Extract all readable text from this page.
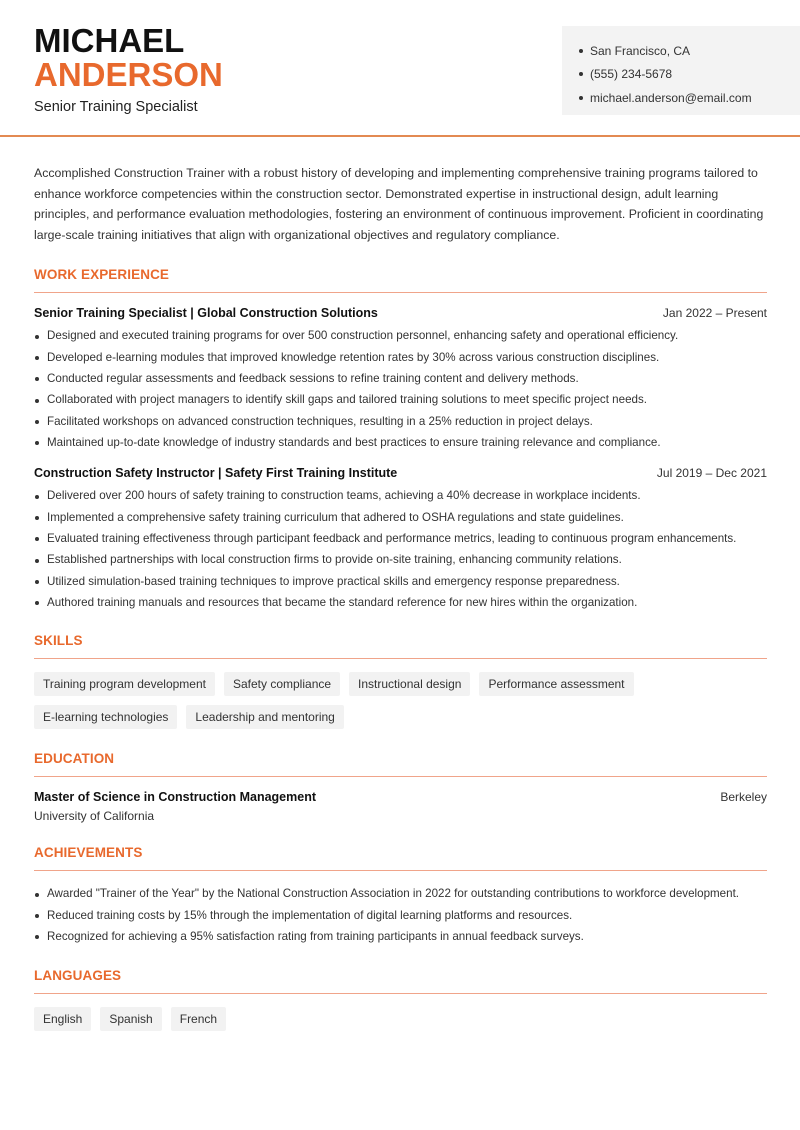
MICHAEL
ANDERSON
Senior Training Specialist
San Francisco, CA
(555) 234-5678
michael.anderson@email.com

Accomplished Construction Trainer with a robust history of developing and implementing comprehensive training programs tailored to enhance workforce competencies within the construction sector. Demonstrated expertise in instructional design, adult learning principles, and performance evaluation methodologies, fostering an environment of continuous improvement. Proficient in coordinating large-scale training initiatives that align with organizational objectives and regulatory compliance.

WORK EXPERIENCE
Senior Training Specialist | Global Construction Solutions	Jan 2022 – Present
Designed and executed training programs for over 500 construction personnel, enhancing safety and operational efficiency.
Developed e-learning modules that improved knowledge retention rates by 30% across various construction disciplines.
Conducted regular assessments and feedback sessions to refine training content and delivery methods.
Collaborated with project managers to identify skill gaps and tailored training solutions to meet specific project needs.
Facilitated workshops on advanced construction techniques, resulting in a 25% reduction in project delays.
Maintained up-to-date knowledge of industry standards and best practices to ensure training relevance and compliance.
Construction Safety Instructor | Safety First Training Institute	Jul 2019 – Dec 2021
Delivered over 200 hours of safety training to construction teams, achieving a 40% decrease in workplace incidents.
Implemented a comprehensive safety training curriculum that adhered to OSHA regulations and state guidelines.
Evaluated training effectiveness through participant feedback and performance metrics, leading to continuous program enhancements.
Established partnerships with local construction firms to provide on-site training, enhancing community relations.
Utilized simulation-based training techniques to improve practical skills and emergency response preparedness.
Authored training manuals and resources that became the standard reference for new hires within the organization.
SKILLS
Training program development	Safety compliance	Instructional design	Performance assessment
E-learning technologies	Leadership and mentoring
EDUCATION
Master of Science in Construction Management	Berkeley
University of California
ACHIEVEMENTS
Awarded "Trainer of the Year" by the National Construction Association in 2022 for outstanding contributions to workforce development.
Reduced training costs by 15% through the implementation of digital learning platforms and resources.
Recognized for achieving a 95% satisfaction rating from training participants in annual feedback surveys.
LANGUAGES
English	Spanish	French
